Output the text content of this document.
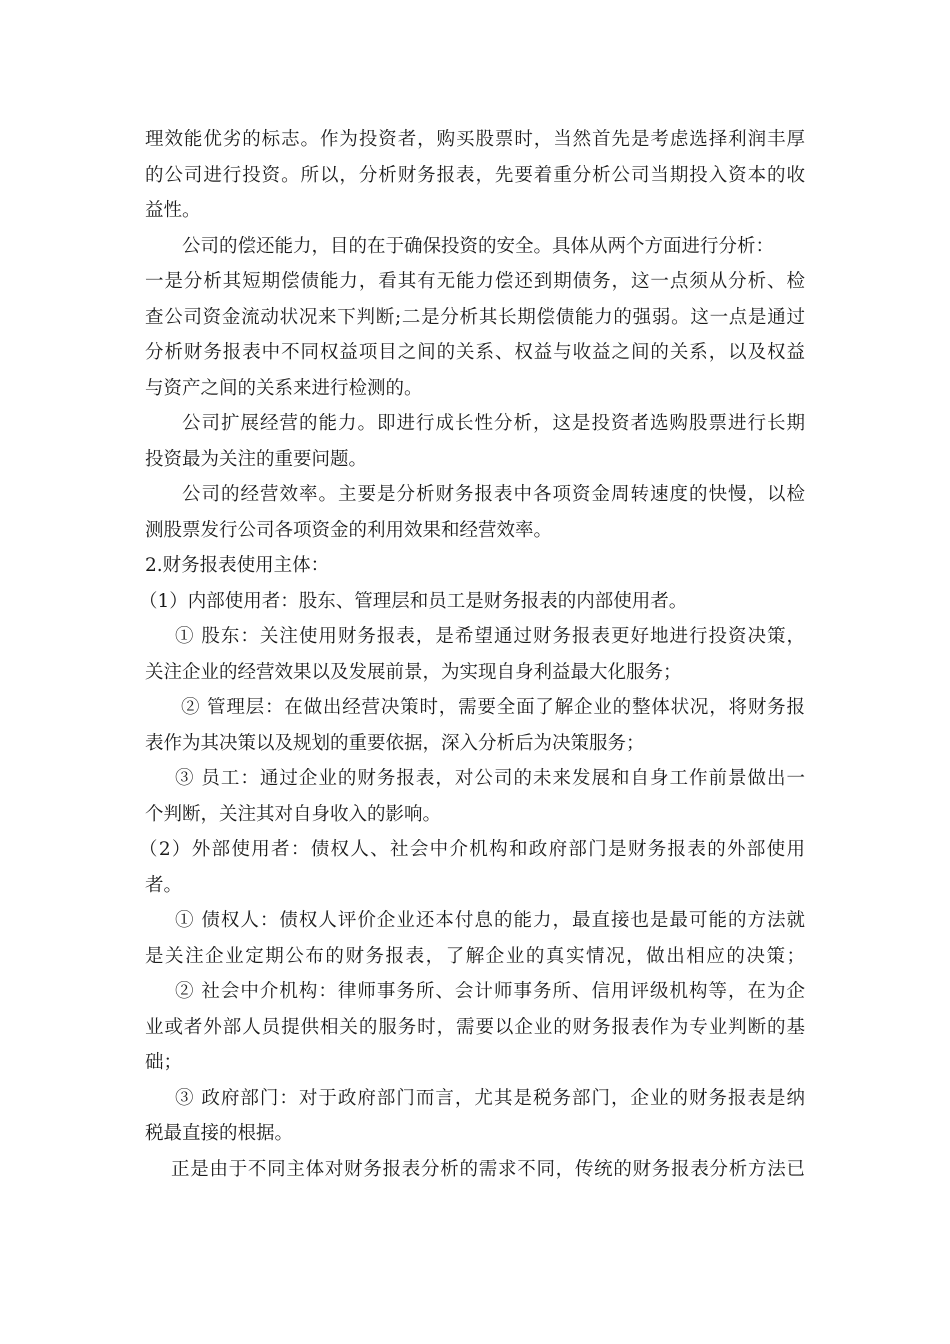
理效能优劣的标志。作为投资者，购买股票时，当然首先是考虑选择利润丰厚
的公司进行投资。所以，分析财务报表，先要着重分析公司当期投入资本的收
益性。
公司的偿还能力，目的在于确保投资的安全。具体从两个方面进行分析：
一是分析其短期偿债能力，看其有无能力偿还到期债务，这一点须从分析、检
查公司资金流动状况来下判断;二是分析其长期偿债能力的强弱。这一点是通过
分析财务报表中不同权益项目之间的关系、权益与收益之间的关系，以及权益
与资产之间的关系来进行检测的。
公司扩展经营的能力。即进行成长性分析，这是投资者选购股票进行长期
投资最为关注的重要问题。
公司的经营效率。主要是分析财务报表中各项资金周转速度的快慢，以检
测股票发行公司各项资金的利用效果和经营效率。
2.财务报表使用主体：
（1）内部使用者：股东、管理层和员工是财务报表的内部使用者。
① 股东：关注使用财务报表，是希望通过财务报表更好地进行投资决策，
关注企业的经营效果以及发展前景，为实现自身利益最大化服务；
② 管理层：在做出经营决策时，需要全面了解企业的整体状况，将财务报
表作为其决策以及规划的重要依据，深入分析后为决策服务；
③ 员工：通过企业的财务报表，对公司的未来发展和自身工作前景做出一
个判断，关注其对自身收入的影响。
（2）外部使用者：债权人、社会中介机构和政府部门是财务报表的外部使用
者。
① 债权人：债权人评价企业还本付息的能力，最直接也是最可能的方法就
是关注企业定期公布的财务报表，了解企业的真实情况，做出相应的决策；
② 社会中介机构：律师事务所、会计师事务所、信用评级机构等，在为企
业或者外部人员提供相关的服务时，需要以企业的财务报表作为专业判断的基
础；
③ 政府部门：对于政府部门而言，尤其是税务部门，企业的财务报表是纳
税最直接的根据。
正是由于不同主体对财务报表分析的需求不同，传统的财务报表分析方法已
